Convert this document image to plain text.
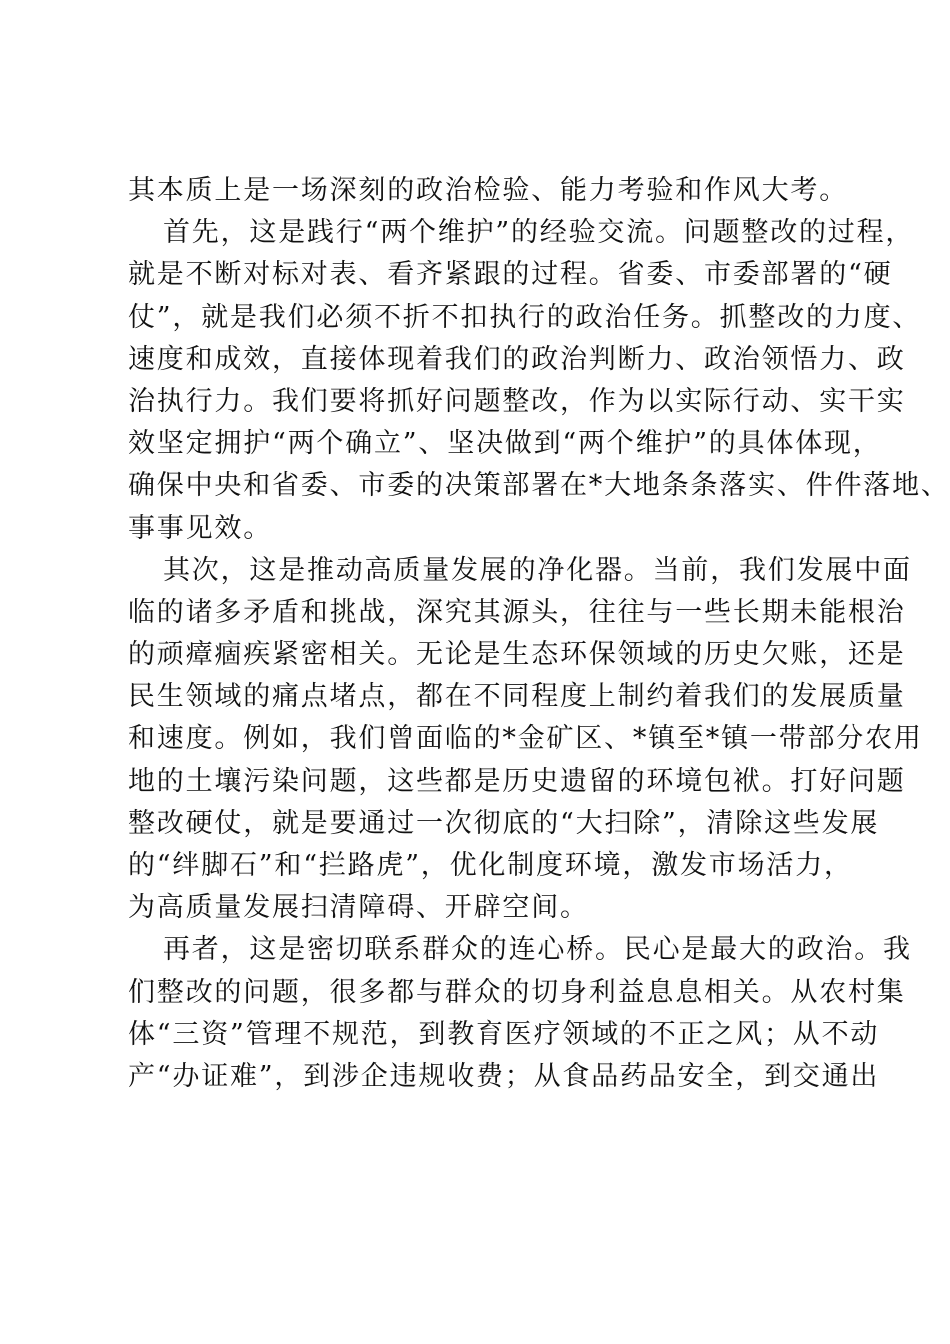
其本质上是一场深刻的政治检验、能力考验和作风大考。
首先，这是践行“两个维护”的经验交流。问题整改的过程，
就是不断对标对表、看齐紧跟的过程。省委、市委部署的“硬
仗”，就是我们必须不折不扣执行的政治任务。抓整改的力度、
速度和成效，直接体现着我们的政治判断力、政治领悟力、政
治执行力。我们要将抓好问题整改，作为以实际行动、实干实
效坚定拥护“两个确立”、坚决做到“两个维护”的具体体现，
确保中央和省委、市委的决策部署在*大地条条落实、件件落地、
事事见效。
其次，这是推动高质量发展的净化器。当前，我们发展中面
临的诸多矛盾和挑战，深究其源头，往往与一些长期未能根治
的顽瘴痼疾紧密相关。无论是生态环保领域的历史欠账，还是
民生领域的痛点堵点，都在不同程度上制约着我们的发展质量
和速度。例如，我们曾面临的*金矿区、*镇至*镇一带部分农用
地的土壤污染问题，这些都是历史遗留的环境包袱。打好问题
整改硬仗，就是要通过一次彻底的“大扫除”，清除这些发展
的“绊脚石”和“拦路虎”，优化制度环境，激发市场活力，
为高质量发展扫清障碍、开辟空间。
再者，这是密切联系群众的连心桥。民心是最大的政治。我
们整改的问题，很多都与群众的切身利益息息相关。从农村集
体“三资”管理不规范，到教育医疗领域的不正之风；从不动
产“办证难”，到涉企违规收费；从食品药品安全，到交通出
